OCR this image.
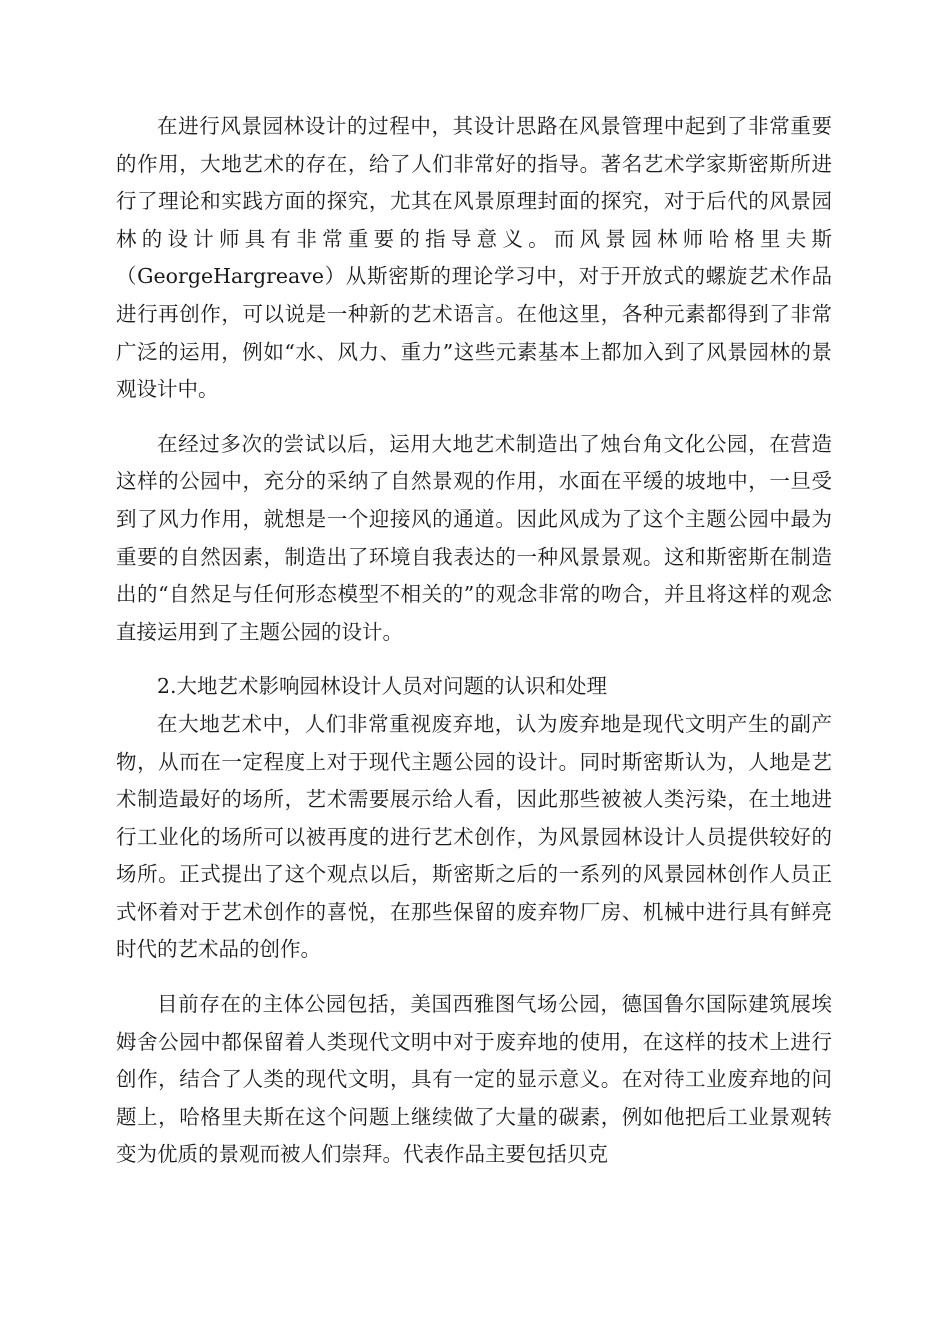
在进行风景园林设计的过程中，其设计思路在风景管理中起到了非常重要的作用，大地艺术的存在，给了人们非常好的指导。著名艺术学家斯密斯所进行了理论和实践方面的探究，尤其在风景原理封面的探究，对于后代的风景园林的设计师具有非常重要的指导意义。而风景园林师哈格里夫斯（GeorgeHargreave）从斯密斯的理论学习中，对于开放式的螺旋艺术作品进行再创作，可以说是一种新的艺术语言。在他这里，各种元素都得到了非常广泛的运用，例如“水、风力、重力”这些元素基本上都加入到了风景园林的景观设计中。

在经过多次的尝试以后，运用大地艺术制造出了烛台角文化公园，在营造这样的公园中，充分的采纳了自然景观的作用，水面在平缓的坡地中，一旦受到了风力作用，就想是一个迎接风的通道。因此风成为了这个主题公园中最为重要的自然因素，制造出了环境自我表达的一种风景景观。这和斯密斯在制造出的“自然足与任何形态模型不相关的”的观念非常的吻合，并且将这样的观念直接运用到了主题公园的设计。

2.大地艺术影响园林设计人员对问题的认识和处理

在大地艺术中，人们非常重视废弃地，认为废弃地是现代文明产生的副产物，从而在一定程度上对于现代主题公园的设计。同时斯密斯认为，人地是艺术制造最好的场所，艺术需要展示给人看，因此那些被被人类污染，在土地进行工业化的场所可以被再度的进行艺术创作，为风景园林设计人员提供较好的场所。正式提出了这个观点以后，斯密斯之后的一系列的风景园林创作人员正式怀着对于艺术创作的喜悦，在那些保留的废弃物厂房、机械中进行具有鲜亮时代的艺术品的创作。

目前存在的主体公园包括，美国西雅图气场公园，德国鲁尔国际建筑展埃姆舍公园中都保留着人类现代文明中对于废弃地的使用，在这样的技术上进行创作，结合了人类的现代文明，具有一定的显示意义。在对待工业废弃地的问题上，哈格里夫斯在这个问题上继续做了大量的碳素，例如他把后工业景观转变为优质的景观而被人们崇拜。代表作品主要包括贝克
